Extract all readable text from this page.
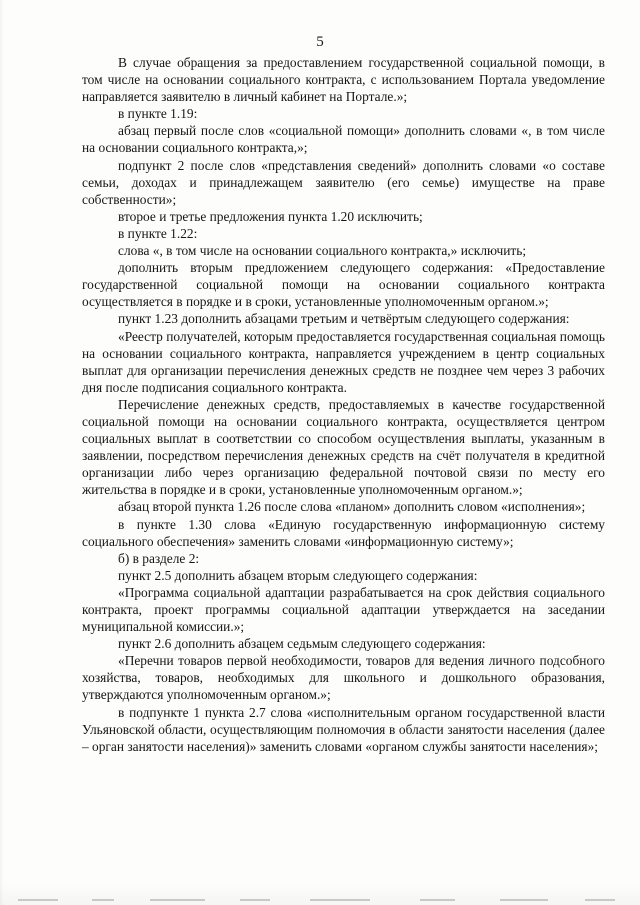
5

В случае обращения за предоставлением государственной социальной помощи, в том числе на основании социального контракта, с использованием Портала уведомление направляется заявителю в личный кабинет на Портале.»;

в пункте 1.19:

абзац первый после слов «социальной помощи» дополнить словами «, в том числе на основании социального контракта,»;

подпункт 2 после слов «представления сведений» дополнить словами «о составе семьи, доходах и принадлежащем заявителю (его семье) имуществе на праве собственности»;

второе и третье предложения пункта 1.20 исключить;

в пункте 1.22:

слова «, в том числе на основании социального контракта,» исключить;

дополнить вторым предложением следующего содержания: «Предоставление государственной социальной помощи на основании социального контракта осуществляется в порядке и в сроки, установленные уполномоченным органом.»;

пункт 1.23 дополнить абзацами третьим и четвёртым следующего содержания:

«Реестр получателей, которым предоставляется государственная социальная помощь на основании социального контракта, направляется учреждением в центр социальных выплат для организации перечисления денежных средств не позднее чем через 3 рабочих дня после подписания социального контракта.

Перечисление денежных средств, предоставляемых в качестве государственной социальной помощи на основании социального контракта, осуществляется центром социальных выплат в соответствии со способом осуществления выплаты, указанным в заявлении, посредством перечисления денежных средств на счёт получателя в кредитной организации либо через организацию федеральной почтовой связи по месту его жительства в порядке и в сроки, установленные уполномоченным органом.»;

абзац второй пункта 1.26 после слова «планом» дополнить словом «исполнения»;

в пункте 1.30 слова «Единую государственную информационную систему социального обеспечения» заменить словами «информационную систему»;

б) в разделе 2:

пункт 2.5 дополнить абзацем вторым следующего содержания:

«Программа социальной адаптации разрабатывается на срок действия социального контракта, проект программы социальной адаптации утверждается на заседании муниципальной комиссии.»;

пункт 2.6 дополнить абзацем седьмым следующего содержания:

«Перечни товаров первой необходимости, товаров для ведения личного подсобного хозяйства, товаров, необходимых для школьного и дошкольного образования, утверждаются уполномоченным органом.»;

в подпункте 1 пункта 2.7 слова «исполнительным органом государственной власти Ульяновской области, осуществляющим полномочия в области занятости населения (далее – орган занятости населения)» заменить словами «органом службы занятости населения»;
